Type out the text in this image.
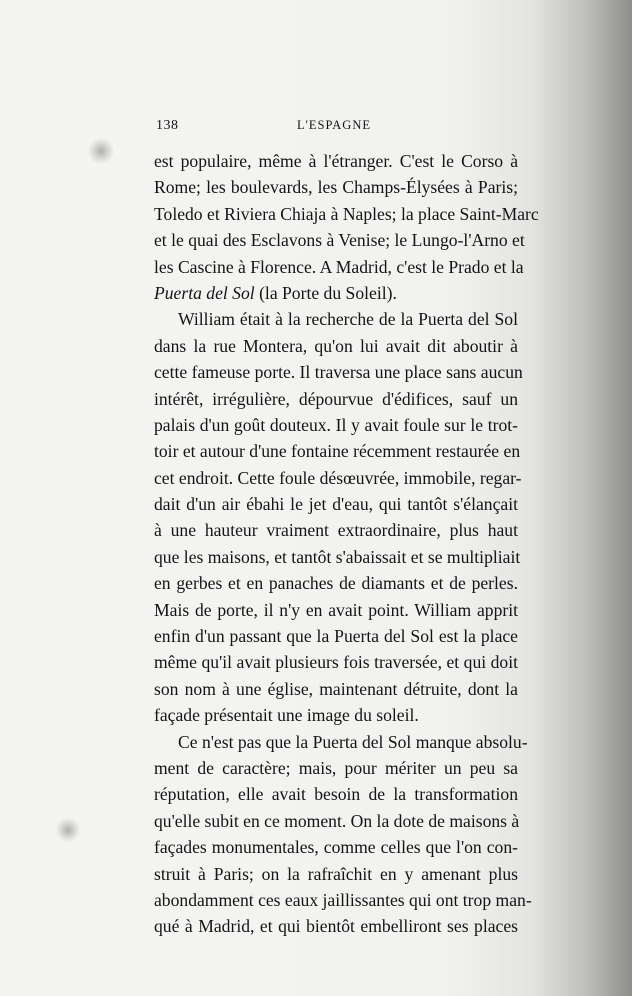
138	L'ESPAGNE

est populaire, même à l'étranger. C'est le Corso à
Rome; les boulevards, les Champs-Élysées à Paris;
Toledo et Riviera Chiaja à Naples; la place Saint-Marc
et le quai des Esclavons à Venise; le Lungo-l'Arno et
les Cascine à Florence. A Madrid, c'est le Prado et la
Puerta del Sol (la Porte du Soleil).

William était à la recherche de la Puerta del Sol
dans la rue Montera, qu'on lui avait dit aboutir à
cette fameuse porte. Il traversa une place sans aucun
intérêt, irrégulière, dépourvue d'édifices, sauf un
palais d'un goût douteux. Il y avait foule sur le trot-
toir et autour d'une fontaine récemment restaurée en
cet endroit. Cette foule désœuvrée, immobile, regar-
dait d'un air ébahi le jet d'eau, qui tantôt s'élançait
à une hauteur vraiment extraordinaire, plus haut
que les maisons, et tantôt s'abaissait et se multipliait
en gerbes et en panaches de diamants et de perles.
Mais de porte, il n'y en avait point. William apprit
enfin d'un passant que la Puerta del Sol est la place
même qu'il avait plusieurs fois traversée, et qui doit
son nom à une église, maintenant détruite, dont la
façade présentait une image du soleil.

Ce n'est pas que la Puerta del Sol manque absolu-
ment de caractère; mais, pour mériter un peu sa
réputation, elle avait besoin de la transformation
qu'elle subit en ce moment. On la dote de maisons à
façades monumentales, comme celles que l'on con-
struit à Paris; on la rafraîchit en y amenant plus
abondamment ces eaux jaillissantes qui ont trop man-
qué à Madrid, et qui bientôt embelliront ses places
